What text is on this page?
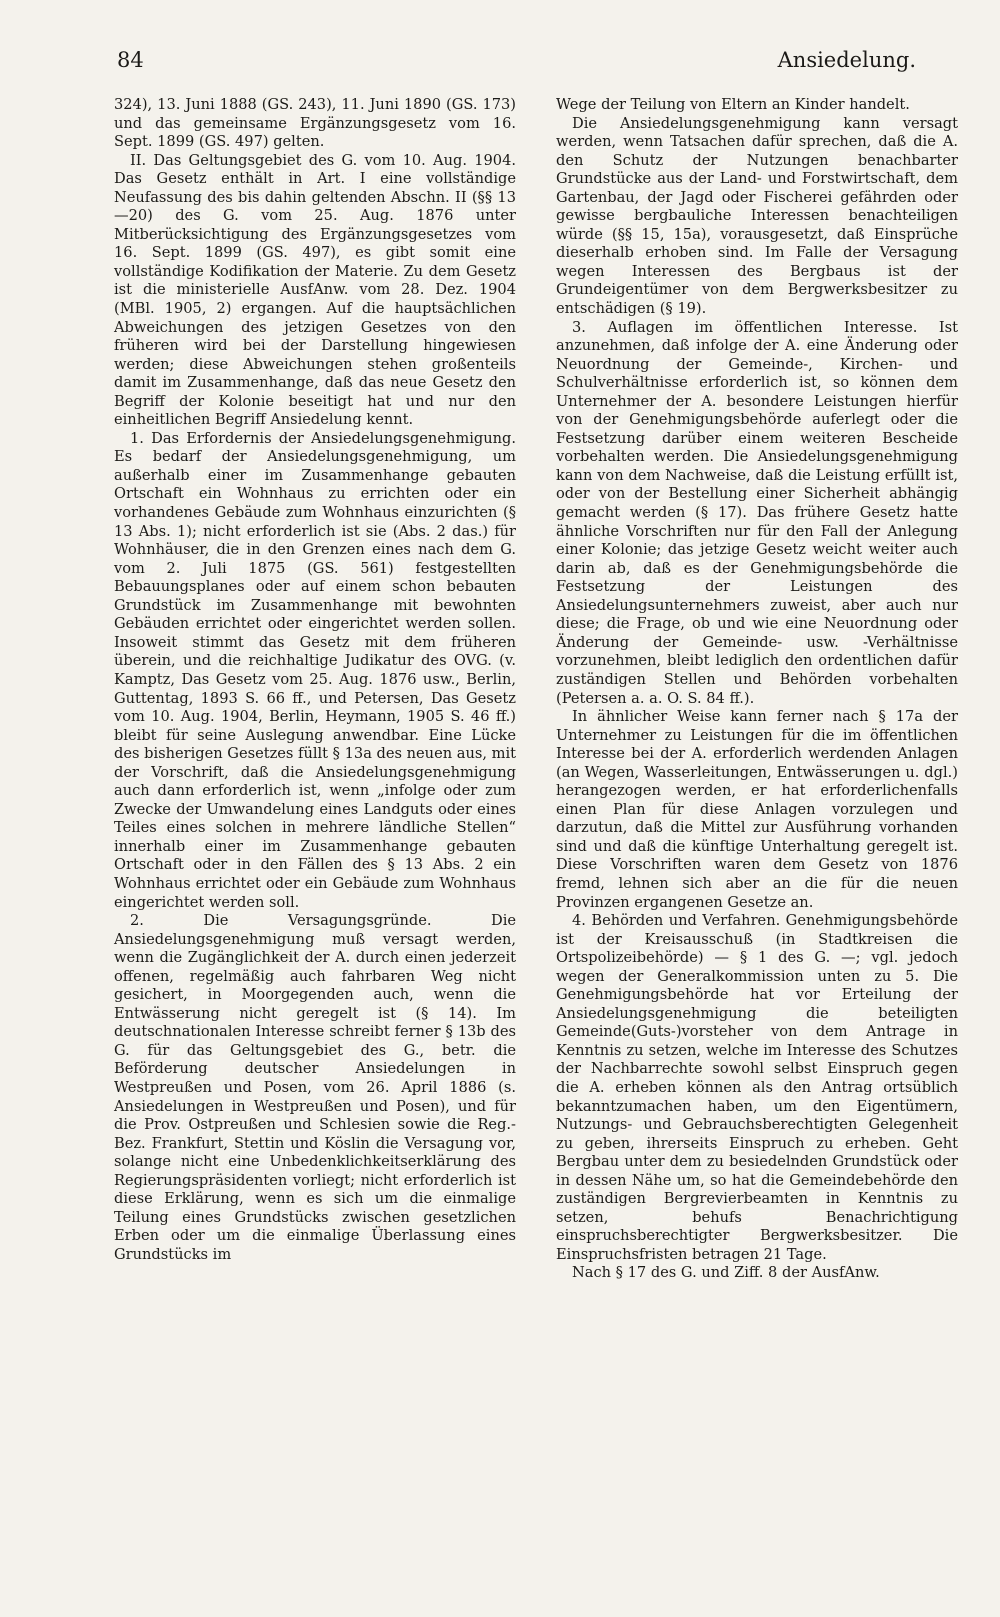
84	Ansiedelung.

324), 13. Juni 1888 (GS. 243), 11. Juni 1890 (GS. 173) und das gemeinsame Ergänzungsgesetz vom 16. Sept. 1899 (GS. 497) gelten.

II. Das Geltungsgebiet des G. vom 10. Aug. 1904. Das Gesetz enthält in Art. I eine vollständige Neufassung des bis dahin geltenden Abschn. II (§§ 13—20) des G. vom 25. Aug. 1876 unter Mitberücksichtigung des Ergänzungsgesetzes vom 16. Sept. 1899 (GS. 497), es gibt somit eine vollständige Kodifikation der Materie. Zu dem Gesetz ist die ministerielle AusfAnw. vom 28. Dez. 1904 (MBl. 1905, 2) ergangen. Auf die hauptsächlichen Abweichungen des jetzigen Gesetzes von den früheren wird bei der Darstellung hingewiesen werden; diese Abweichungen stehen großenteils damit im Zusammenhange, daß das neue Gesetz den Begriff der Kolonie beseitigt hat und nur den einheitlichen Begriff Ansiedelung kennt.

1. Das Erfordernis der Ansiedelungsgenehmigung. Es bedarf der Ansiedelungsgenehmigung, um außerhalb einer im Zusammenhange gebauten Ortschaft ein Wohnhaus zu errichten oder ein vorhandenes Gebäude zum Wohnhaus einzurichten (§ 13 Abs. 1); nicht erforderlich ist sie (Abs. 2 das.) für Wohnhäuser, die in den Grenzen eines nach dem G. vom 2. Juli 1875 (GS. 561) festgestellten Bebauungsplanes oder auf einem schon bebauten Grundstück im Zusammenhange mit bewohnten Gebäuden errichtet oder eingerichtet werden sollen. Insoweit stimmt das Gesetz mit dem früheren überein, und die reichhaltige Judikatur des OVG. (v. Kamptz, Das Gesetz vom 25. Aug. 1876 usw., Berlin, Guttentag, 1893 S. 66 ff., und Petersen, Das Gesetz vom 10. Aug. 1904, Berlin, Heymann, 1905 S. 46 ff.) bleibt für seine Auslegung anwendbar. Eine Lücke des bisherigen Gesetzes füllt § 13a des neuen aus, mit der Vorschrift, daß die Ansiedelungsgenehmigung auch dann erforderlich ist, wenn „infolge oder zum Zwecke der Umwandelung eines Landguts oder eines Teiles eines solchen in mehrere ländliche Stellen“ innerhalb einer im Zusammenhange gebauten Ortschaft oder in den Fällen des § 13 Abs. 2 ein Wohnhaus errichtet oder ein Gebäude zum Wohnhaus eingerichtet werden soll.

2. Die Versagungsgründe. Die Ansiedelungsgenehmigung muß versagt werden, wenn die Zugänglichkeit der A. durch einen jederzeit offenen, regelmäßig auch fahrbaren Weg nicht gesichert, in Moorgegenden auch, wenn die Entwässerung nicht geregelt ist (§ 14). Im deutschnationalen Interesse schreibt ferner § 13b des G. für das Geltungsgebiet des G., betr. die Beförderung deutscher Ansiedelungen in Westpreußen und Posen, vom 26. April 1886 (s. Ansiedelungen in Westpreußen und Posen), und für die Prov. Ostpreußen und Schlesien sowie die Reg.-Bez. Frankfurt, Stettin und Köslin die Versagung vor, solange nicht eine Unbedenklichkeitserklärung des Regierungspräsidenten vorliegt; nicht erforderlich ist diese Erklärung, wenn es sich um die einmalige Teilung eines Grundstücks zwischen gesetzlichen Erben oder um die einmalige Überlassung eines Grundstücks im

Wege der Teilung von Eltern an Kinder handelt.

Die Ansiedelungsgenehmigung kann versagt werden, wenn Tatsachen dafür sprechen, daß die A. den Schutz der Nutzungen benachbarter Grundstücke aus der Land- und Forstwirtschaft, dem Gartenbau, der Jagd oder Fischerei gefährden oder gewisse bergbauliche Interessen benachteiligen würde (§§ 15, 15a), vorausgesetzt, daß Einsprüche dieserhalb erhoben sind. Im Falle der Versagung wegen Interessen des Bergbaus ist der Grundeigentümer von dem Bergwerksbesitzer zu entschädigen (§ 19).

3. Auflagen im öffentlichen Interesse. Ist anzunehmen, daß infolge der A. eine Änderung oder Neuordnung der Gemeinde-, Kirchen- und Schulverhältnisse erforderlich ist, so können dem Unternehmer der A. besondere Leistungen hierfür von der Genehmigungsbehörde auferlegt oder die Festsetzung darüber einem weiteren Bescheide vorbehalten werden. Die Ansiedelungsgenehmigung kann von dem Nachweise, daß die Leistung erfüllt ist, oder von der Bestellung einer Sicherheit abhängig gemacht werden (§ 17). Das frühere Gesetz hatte ähnliche Vorschriften nur für den Fall der Anlegung einer Kolonie; das jetzige Gesetz weicht weiter auch darin ab, daß es der Genehmigungsbehörde die Festsetzung der Leistungen des Ansiedelungsunternehmers zuweist, aber auch nur diese; die Frage, ob und wie eine Neuordnung oder Änderung der Gemeinde- usw. -Verhältnisse vorzunehmen, bleibt lediglich den ordentlichen dafür zuständigen Stellen und Behörden vorbehalten (Petersen a. a. O. S. 84 ff.).

In ähnlicher Weise kann ferner nach § 17a der Unternehmer zu Leistungen für die im öffentlichen Interesse bei der A. erforderlich werdenden Anlagen (an Wegen, Wasserleitungen, Entwässerungen u. dgl.) herangezogen werden, er hat erforderlichenfalls einen Plan für diese Anlagen vorzulegen und darzutun, daß die Mittel zur Ausführung vorhanden sind und daß die künftige Unterhaltung geregelt ist. Diese Vorschriften waren dem Gesetz von 1876 fremd, lehnen sich aber an die für die neuen Provinzen ergangenen Gesetze an.

4. Behörden und Verfahren. Genehmigungsbehörde ist der Kreisausschuß (in Stadtkreisen die Ortspolizeibehörde) — § 1 des G. —; vgl. jedoch wegen der Generalkommission unten zu 5. Die Genehmigungsbehörde hat vor Erteilung der Ansiedelungsgenehmigung die beteiligten Gemeinde(Guts-)vorsteher von dem Antrage in Kenntnis zu setzen, welche im Interesse des Schutzes der Nachbarrechte sowohl selbst Einspruch gegen die A. erheben können als den Antrag ortsüblich bekanntzumachen haben, um den Eigentümern, Nutzungs- und Gebrauchsberechtigten Gelegenheit zu geben, ihrerseits Einspruch zu erheben. Geht Bergbau unter dem zu besiedelnden Grundstück oder in dessen Nähe um, so hat die Gemeindebehörde den zuständigen Bergrevierbeamten in Kenntnis zu setzen, behufs Benachrichtigung einspruchsberechtigter Bergwerksbesitzer. Die Einspruchsfristen betragen 21 Tage.

Nach § 17 des G. und Ziff. 8 der AusfAnw.
